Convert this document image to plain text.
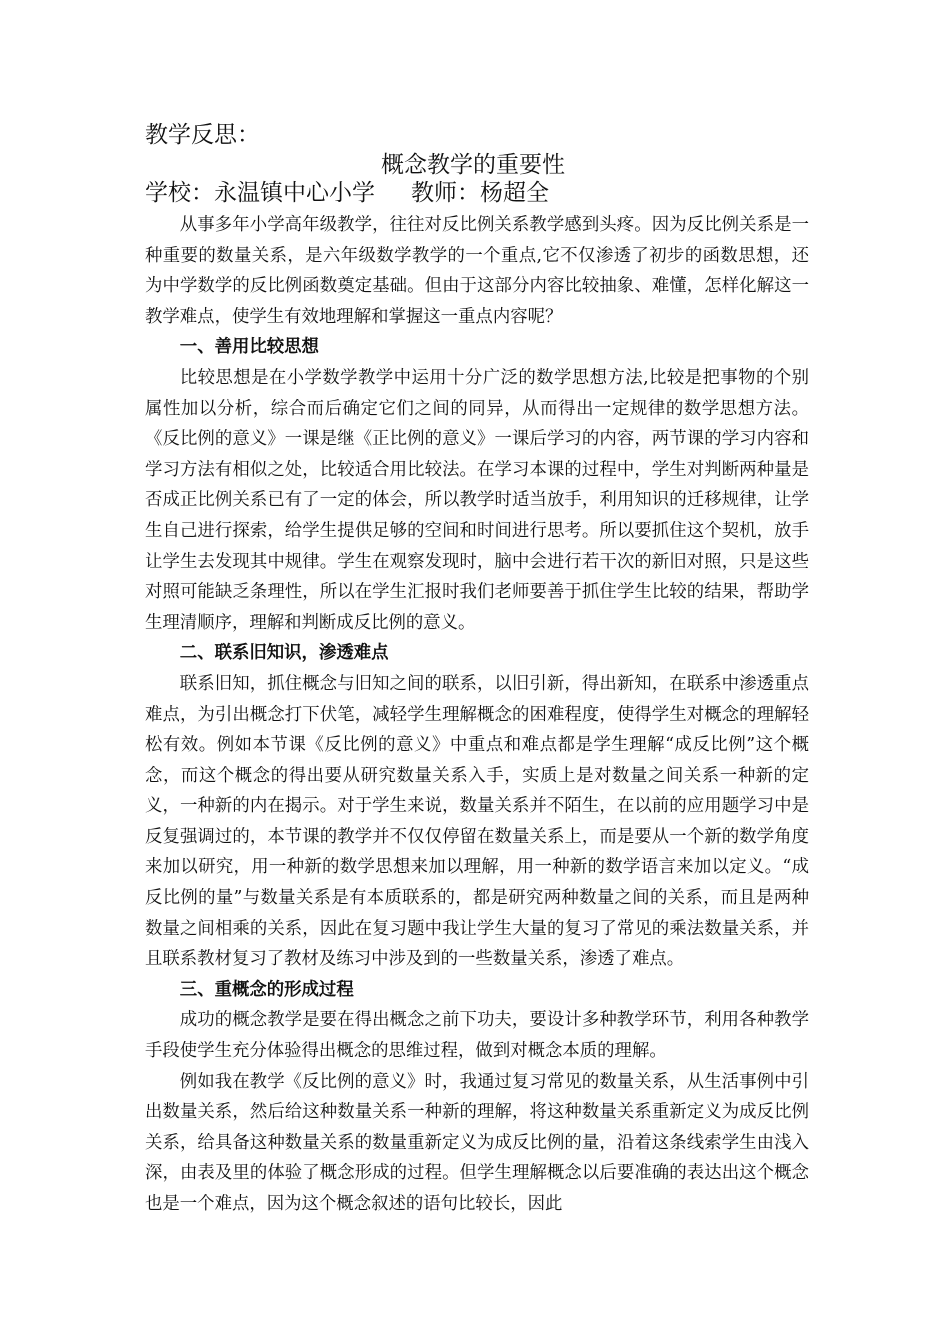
教学反思：

概念教学的重要性

学校：永温镇中心小学 教师：杨超全

从事多年小学高年级教学，往往对反比例关系教学感到头疼。因为反比例关系是一种重要的数量关系，是六年级数学教学的一个重点,它不仅渗透了初步的函数思想，还为中学数学的反比例函数奠定基础。但由于这部分内容比较抽象、难懂，怎样化解这一教学难点，使学生有效地理解和掌握这一重点内容呢？

一、善用比较思想

比较思想是在小学数学教学中运用十分广泛的数学思想方法,比较是把事物的个别属性加以分析，综合而后确定它们之间的同异，从而得出一定规律的数学思想方法。《反比例的意义》一课是继《正比例的意义》一课后学习的内容，两节课的学习内容和学习方法有相似之处，比较适合用比较法。在学习本课的过程中，学生对判断两种量是否成正比例关系已有了一定的体会，所以教学时适当放手，利用知识的迁移规律，让学生自己进行探索，给学生提供足够的空间和时间进行思考。所以要抓住这个契机，放手让学生去发现其中规律。学生在观察发现时，脑中会进行若干次的新旧对照，只是这些对照可能缺乏条理性，所以在学生汇报时我们老师要善于抓住学生比较的结果，帮助学生理清顺序，理解和判断成反比例的意义。

二、联系旧知识，渗透难点

联系旧知，抓住概念与旧知之间的联系，以旧引新，得出新知，在联系中渗透重点难点，为引出概念打下伏笔，减轻学生理解概念的困难程度，使得学生对概念的理解轻松有效。例如本节课《反比例的意义》中重点和难点都是学生理解“成反比例”这个概念，而这个概念的得出要从研究数量关系入手，实质上是对数量之间关系一种新的定义，一种新的内在揭示。对于学生来说，数量关系并不陌生，在以前的应用题学习中是反复强调过的，本节课的教学并不仅仅停留在数量关系上，而是要从一个新的数学角度来加以研究，用一种新的数学思想来加以理解，用一种新的数学语言来加以定义。“成反比例的量”与数量关系是有本质联系的，都是研究两种数量之间的关系，而且是两种数量之间相乘的关系，因此在复习题中我让学生大量的复习了常见的乘法数量关系，并且联系教材复习了教材及练习中涉及到的一些数量关系，渗透了难点。

三、重概念的形成过程

成功的概念教学是要在得出概念之前下功夫，要设计多种教学环节，利用各种教学手段使学生充分体验得出概念的思维过程，做到对概念本质的理解。

例如我在教学《反比例的意义》时，我通过复习常见的数量关系，从生活事例中引出数量关系，然后给这种数量关系一种新的理解，将这种数量关系重新定义为成反比例关系，给具备这种数量关系的数量重新定义为成反比例的量，沿着这条线索学生由浅入深，由表及里的体验了概念形成的过程。但学生理解概念以后要准确的表达出这个概念也是一个难点，因为这个概念叙述的语句比较长，因此
